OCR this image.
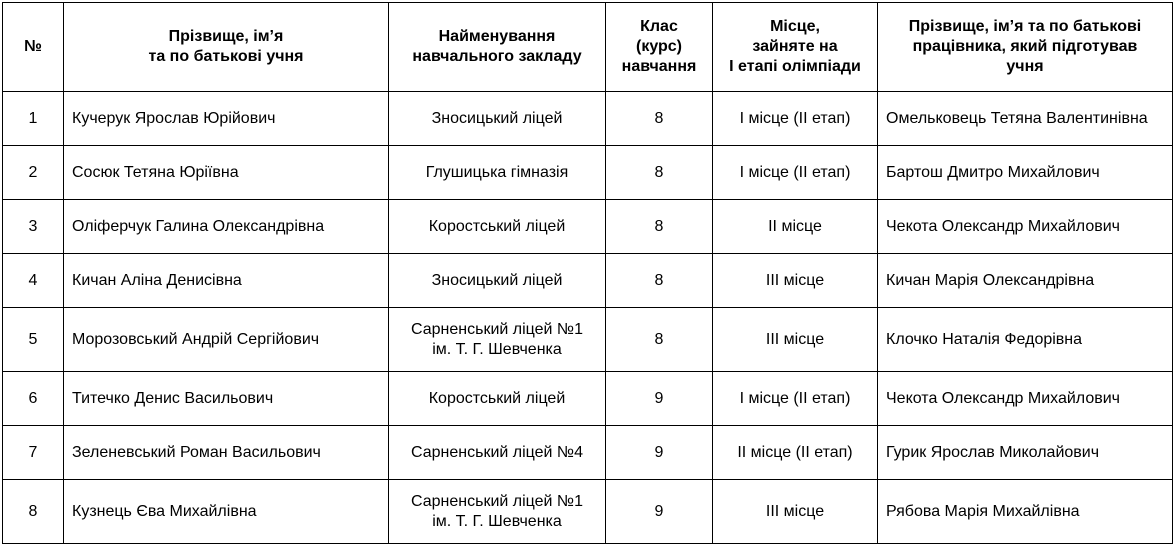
№	Прізвище, ім’я
та по батькові учня	Найменування
навчального закладу	Клас
(курс)
навчання	Місце,
зайняте на
І етапі олімпіади	Прізвище, ім’я та по батькові
працівника, який підготував
учня
1	Кучерук Ярослав Юрійович	Зносицький ліцей	8	І місце (ІІ етап)	Омельковець Тетяна Валентинівна
2	Сосюк Тетяна Юріївна	Глушицька гімназія	8	І місце (ІІ етап)	Бартош Дмитро Михайлович
3	Оліферчук Галина Олександрівна	Коростський ліцей	8	ІІ місце	Чекота Олександр Михайлович
4	Кичан Аліна Денисівна	Зносицький ліцей	8	ІІІ місце	Кичан Марія Олександрівна
5	Морозовський Андрій Сергійович	Сарненський ліцей №1
ім. Т. Г. Шевченка	8	ІІІ місце	Клочко Наталія Федорівна
6	Титечко Денис Васильович	Коростський ліцей	9	І місце (ІІ етап)	Чекота Олександр Михайлович
7	Зеленевський Роман Васильович	Сарненський ліцей №4	9	ІІ місце (ІІ етап)	Гурик Ярослав Миколайович
8	Кузнець Єва Михайлівна	Сарненський ліцей №1
ім. Т. Г. Шевченка	9	ІІІ місце	Рябова Марія Михайлівна
